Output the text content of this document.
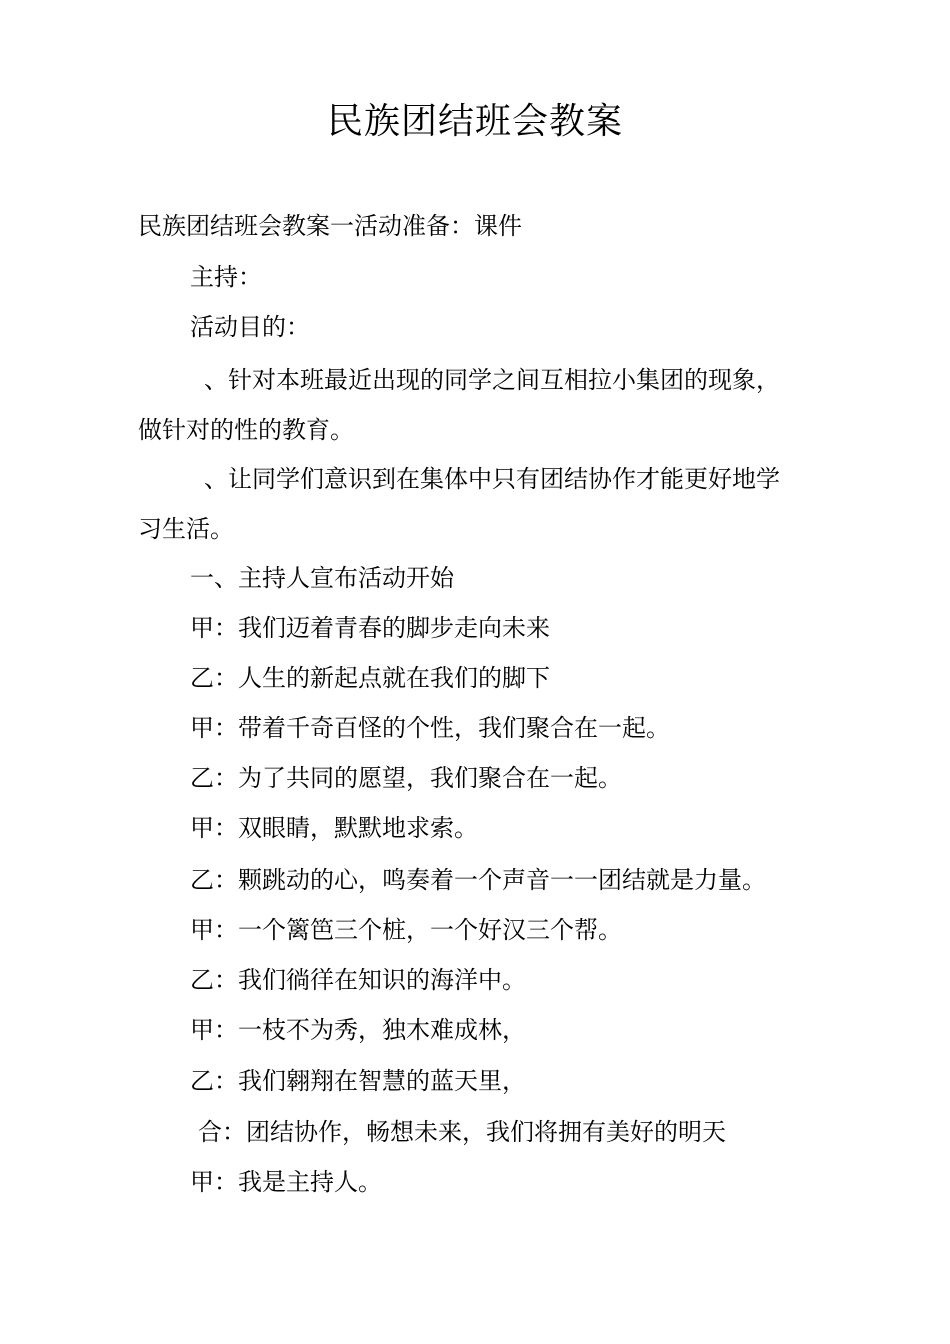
民族团结班会教案
民族团结班会教案一活动准备：课件
主持：
活动目的：
、针对本班最近出现的同学之间互相拉小集团的现象，
做针对的性的教育。
、让同学们意识到在集体中只有团结协作才能更好地学
习生活。
一、主持人宣布活动开始
甲：我们迈着青春的脚步走向未来
乙：人生的新起点就在我们的脚下
甲：带着千奇百怪的个性，我们聚合在一起。
乙：为了共同的愿望，我们聚合在一起。
甲：双眼睛，默默地求索。
乙：颗跳动的心，鸣奏着一个声音一一团结就是力量。
甲：一个篱笆三个桩，一个好汉三个帮。
乙：我们徜徉在知识的海洋中。
甲：一枝不为秀，独木难成林，
乙：我们翱翔在智慧的蓝天里，
合：团结协作，畅想未来，我们将拥有美好的明天
甲：我是主持人。
